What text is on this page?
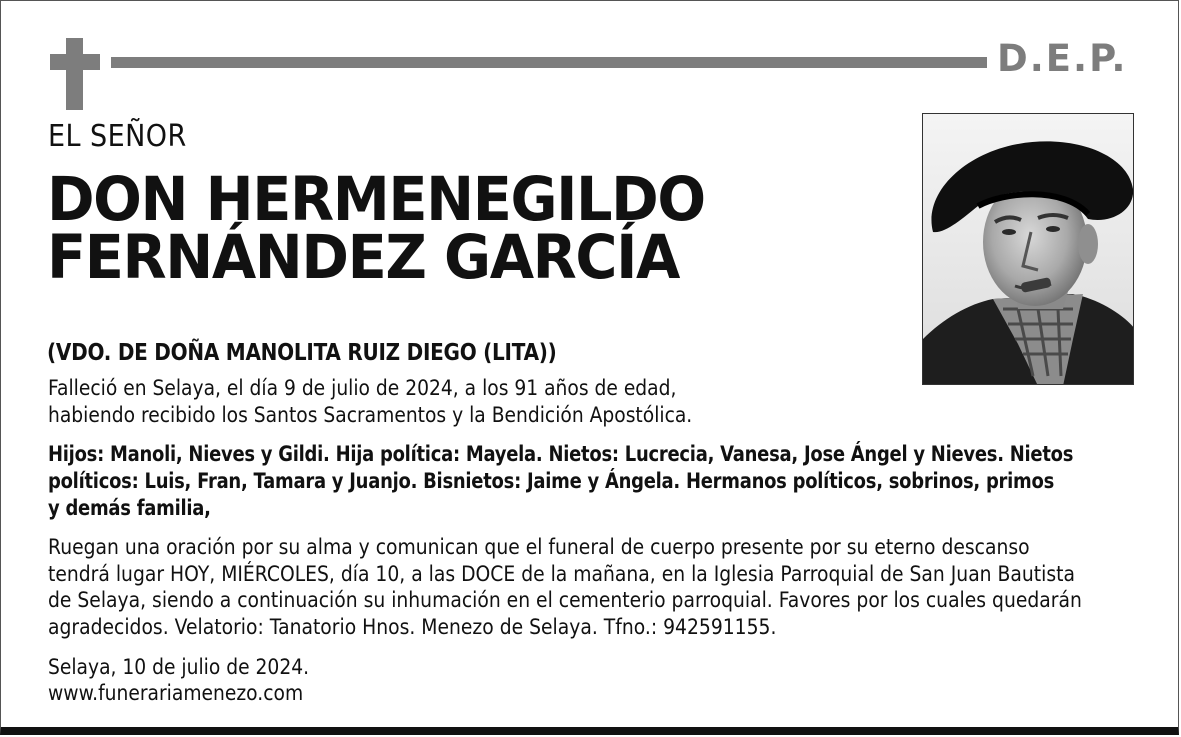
D.E.P.
EL SEÑOR
DON HERMENEGILDO
FERNÁNDEZ GARCÍA
(VDO. DE DOÑA MANOLITA RUIZ DIEGO (LITA))
Falleció en Selaya, el día 9 de julio de 2024, a los 91 años de edad,
habiendo recibido los Santos Sacramentos y la Bendición Apostólica.
Hijos: Manoli, Nieves y Gildi. Hija política: Mayela. Nietos: Lucrecia, Vanesa, Jose Ángel y Nieves. Nietos
políticos: Luis, Fran, Tamara y Juanjo. Bisnietos: Jaime y Ángela. Hermanos políticos, sobrinos, primos
y demás familia,
Ruegan una oración por su alma y comunican que el funeral de cuerpo presente por su eterno descanso
tendrá lugar HOY, MIÉRCOLES, día 10, a las DOCE de la mañana, en la Iglesia Parroquial de San Juan Bautista
de Selaya, siendo a continuación su inhumación en el cementerio parroquial. Favores por los cuales quedarán
agradecidos. Velatorio: Tanatorio Hnos. Menezo de Selaya. Tfno.: 942591155.
Selaya, 10 de julio de 2024.
www.funerariamenezo.com
